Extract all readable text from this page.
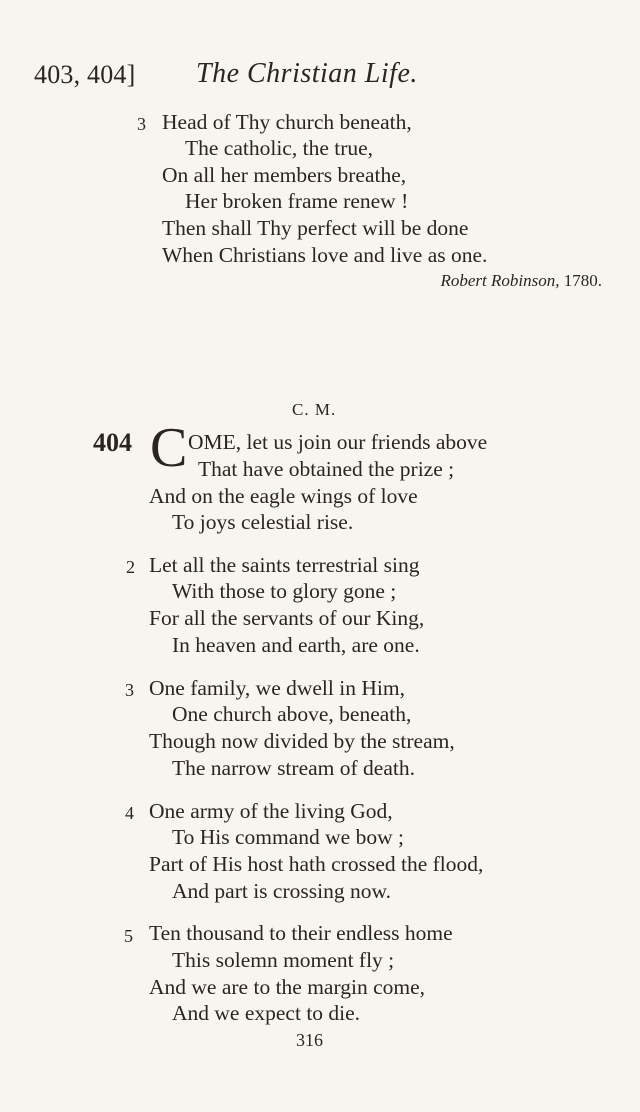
403, 404] The Christian Life.
3 Head of Thy church beneath,
The catholic, the true,
On all her members breathe,
Her broken frame renew !
Then shall Thy perfect will be done
When Christians love and live as one.
Robert Robinson, 1780.
C. M.
404 C OME, let us join our friends above
That have obtained the prize ;
And on the eagle wings of love
To joys celestial rise.
2 Let all the saints terrestrial sing
With those to glory gone ;
For all the servants of our King,
In heaven and earth, are one.
3 One family, we dwell in Him,
One church above, beneath,
Though now divided by the stream,
The narrow stream of death.
4 One army of the living God,
To His command we bow ;
Part of His host hath crossed the flood,
And part is crossing now.
5 Ten thousand to their endless home
This solemn moment fly ;
And we are to the margin come,
And we expect to die.
316
